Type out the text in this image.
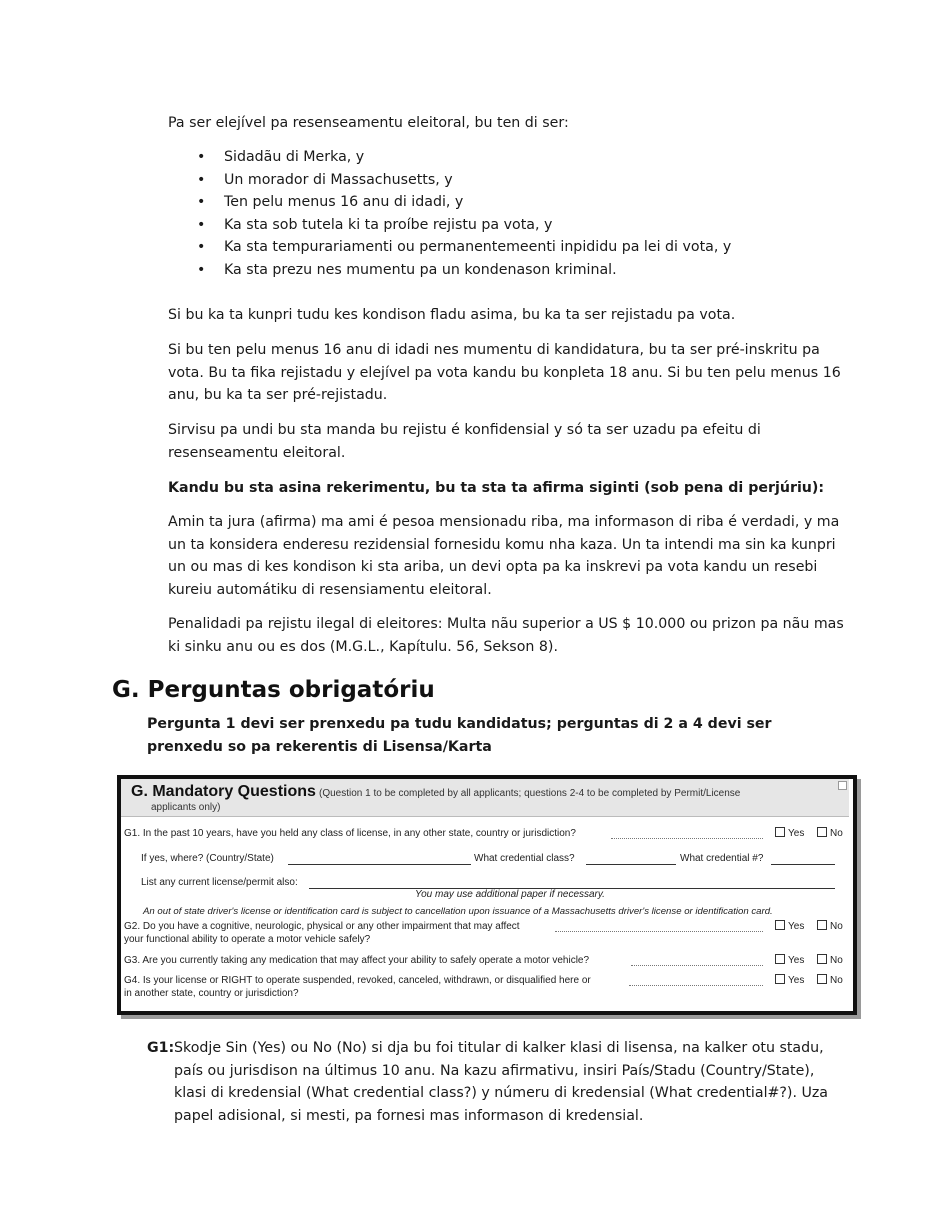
Pa ser elejível pa resenseamentu eleitoral, bu ten di ser:

• Sidadãu di Merka, y
• Un morador di Massachusetts, y
• Ten pelu menus 16 anu di idadi, y
• Ka sta sob tutela ki ta proíbe rejistu pa vota, y
• Ka sta tempurariamenti ou permanentemeenti inpididu pa lei di vota, y
• Ka sta prezu nes mumentu pa un kondenason kriminal.

Si bu ka ta kunpri tudu kes kondison fladu asima, bu ka ta ser rejistadu pa vota.

Si bu ten pelu menus 16 anu di idadi nes mumentu di kandidatura, bu ta ser pré-inskritu pa vota. Bu ta fika rejistadu y elejível pa vota kandu bu konpleta 18 anu. Si bu ten pelu menus 16 anu, bu ka ta ser pré-rejistadu.

Sirvisu pa undi bu sta manda bu rejistu é konfidensial y só ta ser uzadu pa efeitu di resenseamentu eleitoral.

Kandu bu sta asina rekerimentu, bu ta sta ta afirma siginti (sob pena di perjúriu):

Amin ta jura (afirma) ma ami é pesoa mensionadu riba, ma informason di riba é verdadi, y ma un ta konsidera enderesu rezidensial fornesidu komu nha kaza. Un ta intendi ma sin ka kunpri un ou mas di kes kondison ki sta ariba, un devi opta pa ka inskrevi pa vota kandu un resebi kureiu automátiku di resensiamentu eleitoral.

Penalidadi pa rejistu ilegal di eleitores: Multa nãu superior a US $ 10.000 ou prizon pa nãu mas ki sinku anu ou es dos (M.G.L., Kapítulu. 56, Sekson 8).

G. Perguntas obrigatóriu
Pergunta 1 devi ser prenxedu pa tudu kandidatus; perguntas di 2 a 4 devi ser prenxedu so pa rekerentis di Lisensa/Karta
G. Mandatory Questions (Question 1 to be completed by all applicants; questions 2-4 to be completed by Permit/License
applicants only)
G1. In the past 10 years, have you held any class of license, in any other state, country or jurisdiction?	Yes	No
If yes, where? (Country/State)	What credential class?	What credential #?
List any current license/permit also:
You may use additional paper if necessary.
An out of state driver's license or identification card is subject to cancellation upon issuance of a Massachusetts driver's license or identification card.
G2. Do you have a cognitive, neurologic, physical or any other impairment that may affect
your functional ability to operate a motor vehicle safely?
Yes	No
G3. Are you currently taking any medication that may affect your ability to safely operate a motor vehicle?	Yes	No
G4. Is your license or RIGHT to operate suspended, revoked, canceled, withdrawn, or disqualified here or
in another state, country or jurisdiction?
Yes	No
G1: Skodje Sin (Yes) ou No (No) si dja bu foi titular di kalker klasi di lisensa, na kalker otu stadu, país ou jurisdison na últimus 10 anu. Na kazu afirmativu, insiri País/Stadu (Country/State), klasi di kredensial (What credential class?) y númeru di kredensial (What credential#?). Uza papel adisional, si mesti, pa fornesi mas informason di kredensial.
